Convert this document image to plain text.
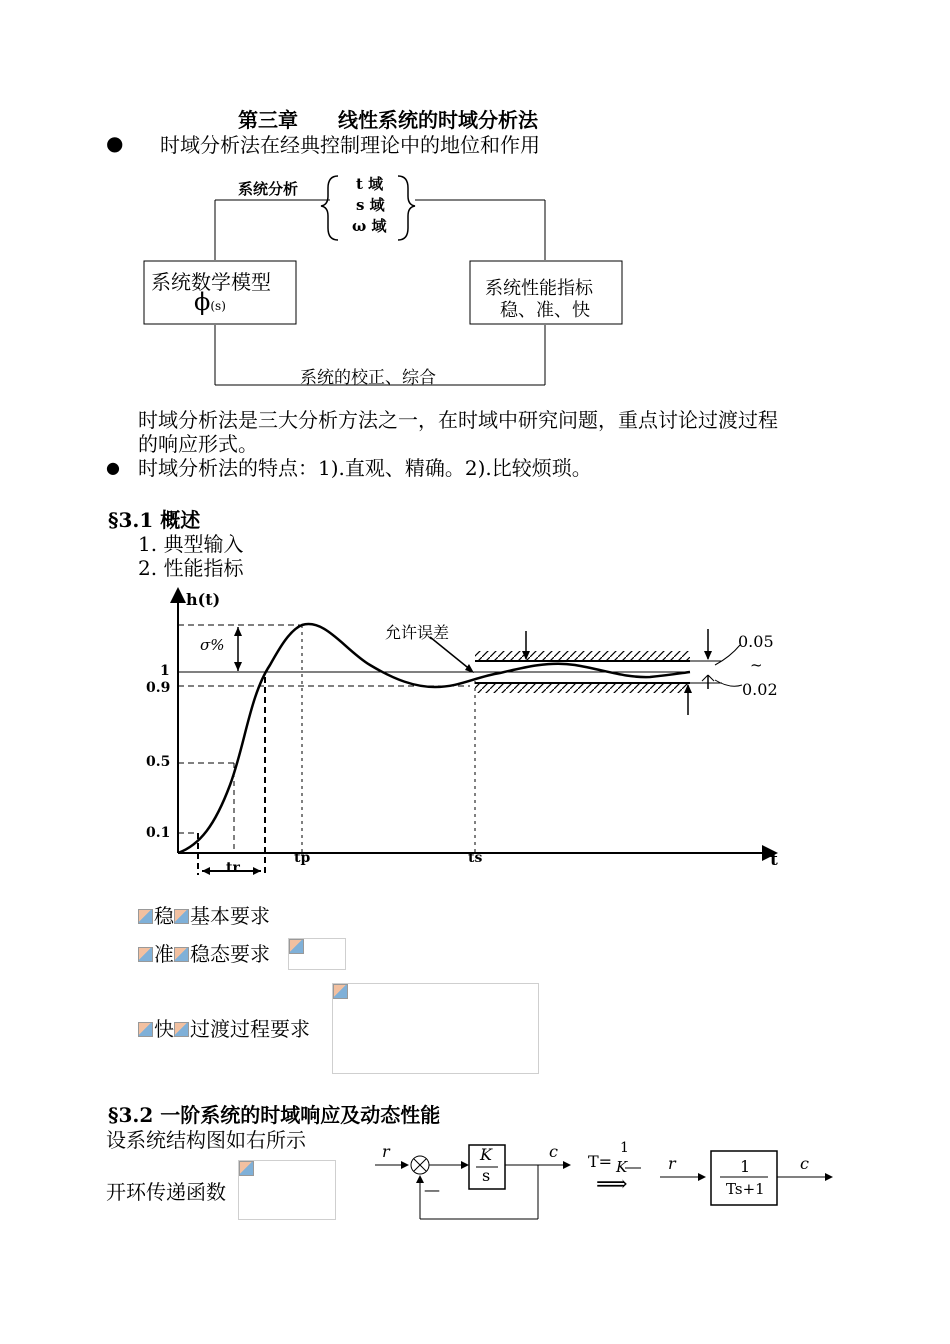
第三章 线性系统的时域分析法
● 时域分析法在经典控制理论中的地位和作用
系统分析	t 域
s 域
ω 域
系统数学模型
ϕ(s)
系统性能指标
稳、准、快
系统的校正、综合
时域分析法是三大分析方法之一，在时域中研究问题，重点讨论过渡过程
的响应形式。
● 时域分析法的特点：1).直观、精确。2).比较烦琐。
§3.1 概述
1. 典型输入
2. 性能指标
h(t)
t
1
0.9
0.5
0.1
tr
tp	ts
σ%
允许误差	0.05
~
0.02
稳 基本要求
准 稳态要求
快 过渡过程要求
§3.2 一阶系统的时域响应及动态性能
设系统结构图如右所示
开环传递函数
r
—
K
s
c
T=
1
K
⟹
r	1
Ts+1
c
